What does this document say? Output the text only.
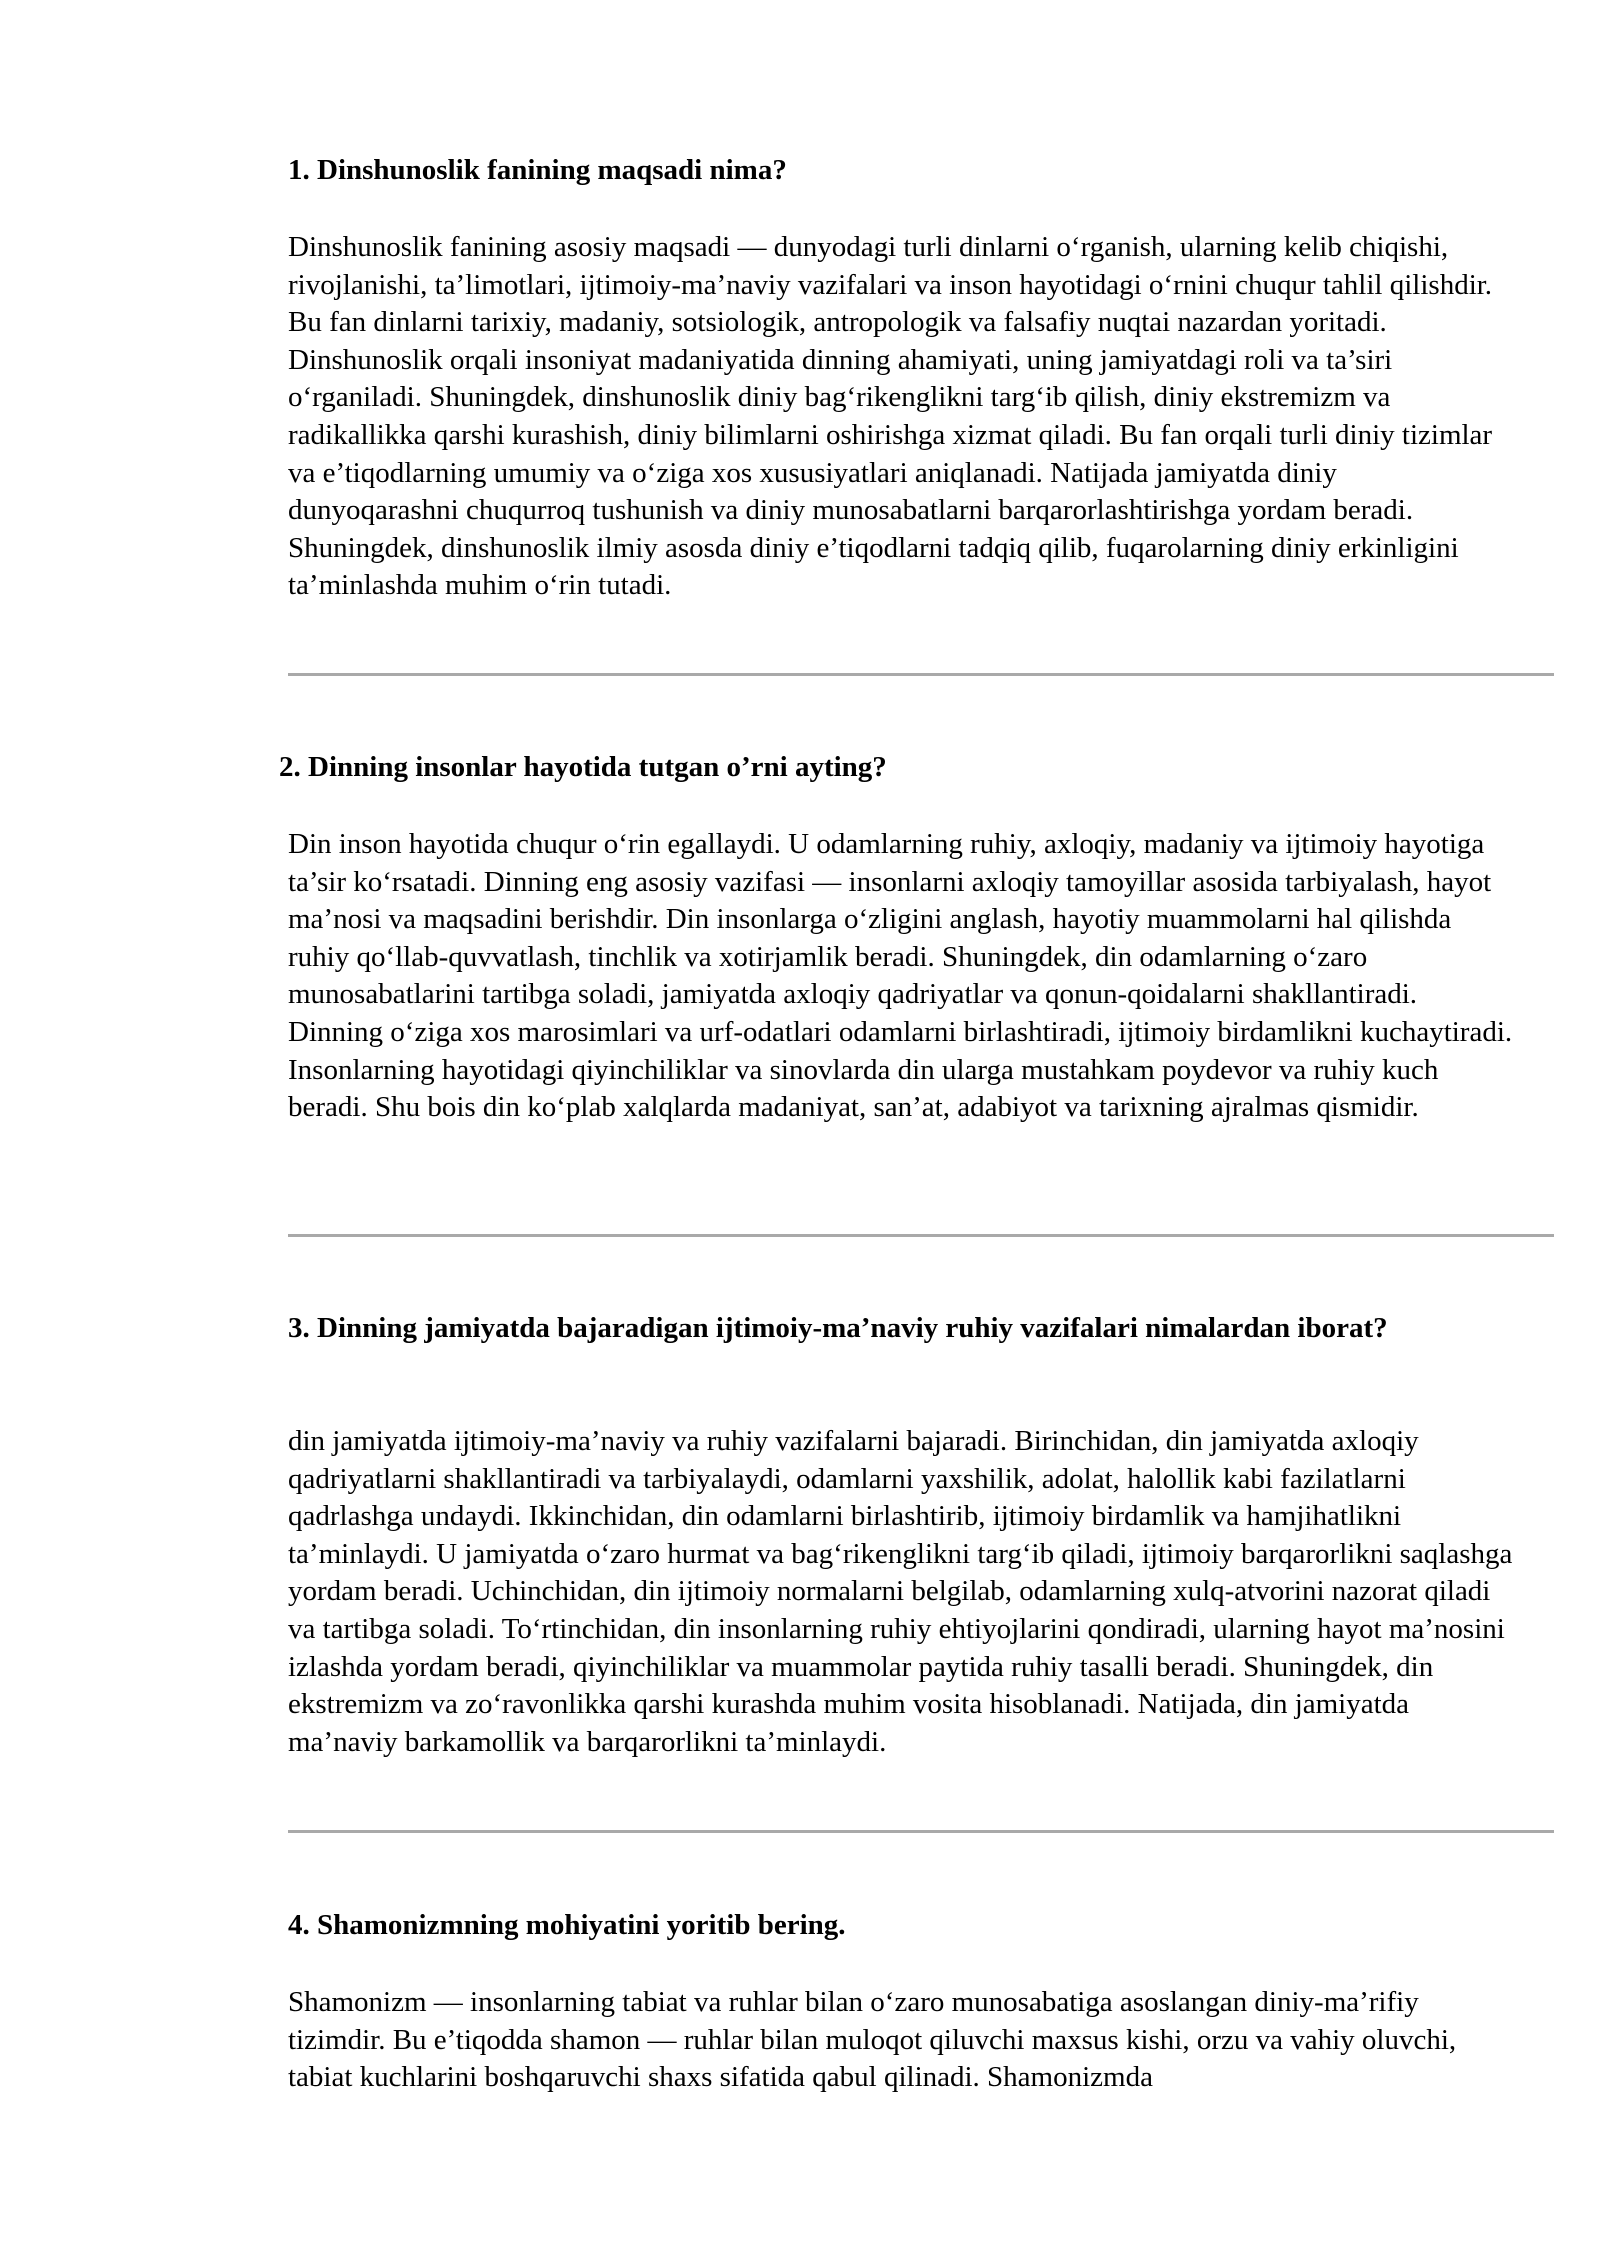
1. Dinshunoslik fanining maqsadi nima?

Dinshunoslik fanining asosiy maqsadi — dunyodagi turli dinlarni o‘rganish, ularning kelib chiqishi, rivojlanishi, ta’limotlari, ijtimoiy-ma’naviy vazifalari va inson hayotidagi o‘rnini chuqur tahlil qilishdir. Bu fan dinlarni tarixiy, madaniy, sotsiologik, antropologik va falsafiy nuqtai nazardan yoritadi. Dinshunoslik orqali insoniyat madaniyatida dinning ahamiyati, uning jamiyatdagi roli va ta’siri o‘rganiladi. Shuningdek, dinshunoslik diniy bag‘rikenglikni targ‘ib qilish, diniy ekstremizm va radikallikka qarshi kurashish, diniy bilimlarni oshirishga xizmat qiladi. Bu fan orqali turli diniy tizimlar va e’tiqodlarning umumiy va o‘ziga xos xususiyatlari aniqlanadi. Natijada jamiyatda diniy dunyoqarashni chuqurroq tushunish va diniy munosabatlarni barqarorlashtirishga yordam beradi. Shuningdek, dinshunoslik ilmiy asosda diniy e’tiqodlarni tadqiq qilib, fuqarolarning diniy erkinligini ta’minlashda muhim o‘rin tutadi.

2. Dinning insonlar hayotida tutgan o’rni ayting?

Din inson hayotida chuqur o‘rin egallaydi. U odamlarning ruhiy, axloqiy, madaniy va ijtimoiy hayotiga ta’sir ko‘rsatadi. Dinning eng asosiy vazifasi — insonlarni axloqiy tamoyillar asosida tarbiyalash, hayot ma’nosi va maqsadini berishdir. Din insonlarga o‘zligini anglash, hayotiy muammolarni hal qilishda ruhiy qo‘llab-quvvatlash, tinchlik va xotirjamlik beradi. Shuningdek, din odamlarning o‘zaro munosabatlarini tartibga soladi, jamiyatda axloqiy qadriyatlar va qonun-qoidalarni shakllantiradi. Dinning o‘ziga xos marosimlari va urf-odatlari odamlarni birlashtiradi, ijtimoiy birdamlikni kuchaytiradi. Insonlarning hayotidagi qiyinchiliklar va sinovlarda din ularga mustahkam poydevor va ruhiy kuch beradi. Shu bois din ko‘plab xalqlarda madaniyat, san’at, adabiyot va tarixning ajralmas qismidir.

3. Dinning jamiyatda bajaradigan ijtimoiy-ma’naviy ruhiy vazifalari nimalardan iborat?

din jamiyatda ijtimoiy-ma’naviy va ruhiy vazifalarni bajaradi. Birinchidan, din jamiyatda axloqiy qadriyatlarni shakllantiradi va tarbiyalaydi, odamlarni yaxshilik, adolat, halollik kabi fazilatlarni qadrlashga undaydi. Ikkinchidan, din odamlarni birlashtirib, ijtimoiy birdamlik va hamjihatlikni ta’minlaydi. U jamiyatda o‘zaro hurmat va bag‘rikenglikni targ‘ib qiladi, ijtimoiy barqarorlikni saqlashga yordam beradi. Uchinchidan, din ijtimoiy normalarni belgilab, odamlarning xulq-atvorini nazorat qiladi va tartibga soladi. To‘rtinchidan, din insonlarning ruhiy ehtiyojlarini qondiradi, ularning hayot ma’nosini izlashda yordam beradi, qiyinchiliklar va muammolar paytida ruhiy tasalli beradi. Shuningdek, din ekstremizm va zo‘ravonlikka qarshi kurashda muhim vosita hisoblanadi. Natijada, din jamiyatda ma’naviy barkamollik va barqarorlikni ta’minlaydi.

4. Shamonizmning mohiyatini yoritib bering.

Shamonizm — insonlarning tabiat va ruhlar bilan o‘zaro munosabatiga asoslangan diniy-ma’rifiy tizimdir. Bu e’tiqodda shamon — ruhlar bilan muloqot qiluvchi maxsus kishi, orzu va vahiy oluvchi, tabiat kuchlarini boshqaruvchi shaxs sifatida qabul qilinadi. Shamonizmda
